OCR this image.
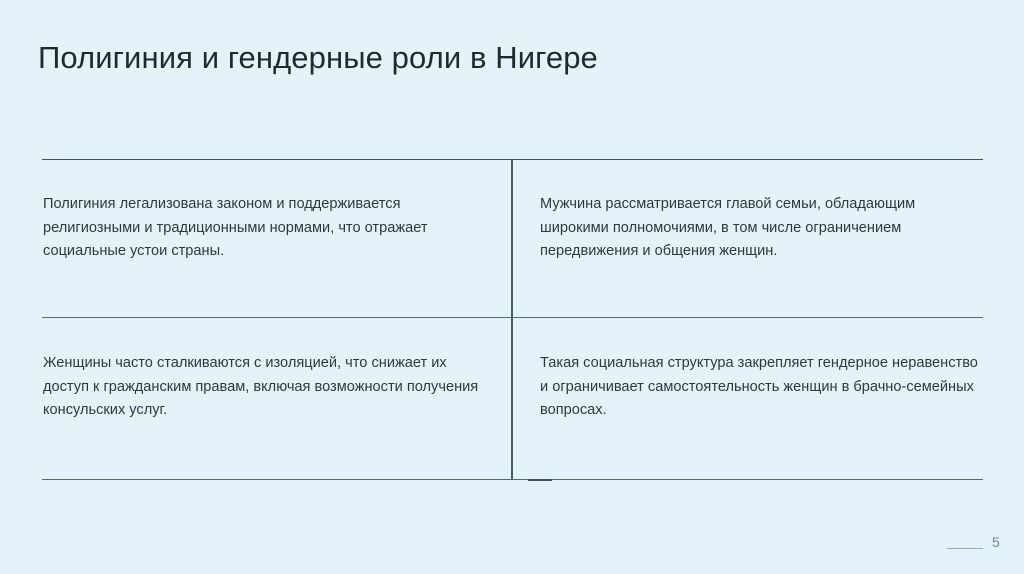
Полигиния и гендерные роли в Нигере
Полигиния легализована законом и поддерживается религиозными и традиционными нормами, что отражает социальные устои страны.
Мужчина рассматривается главой семьи, обладающим широкими полномочиями, в том числе ограничением передвижения и общения женщин.
Женщины часто сталкиваются с изоляцией, что снижает их доступ к гражданским правам, включая возможности получения консульских услуг.
Такая социальная структура закрепляет гендерное неравенство и ограничивает самостоятельность женщин в брачно-семейных вопросах.
5
